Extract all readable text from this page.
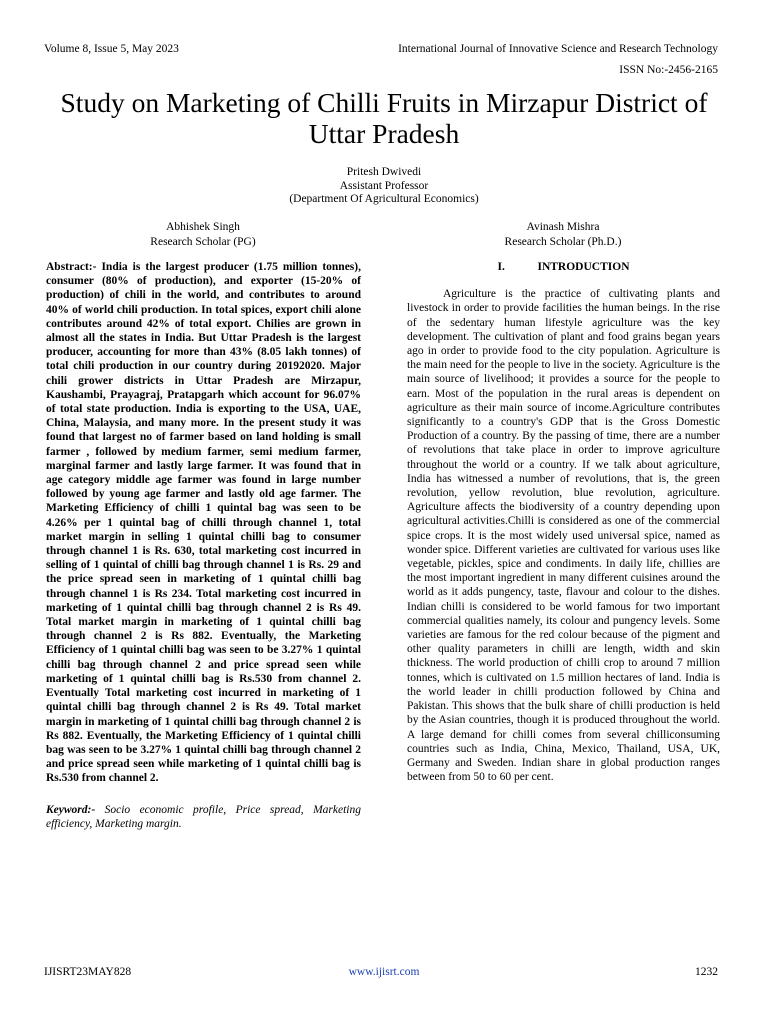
Volume 8, Issue 5, May 2023	International Journal of Innovative Science and Research Technology
ISSN No:-2456-2165
Study on Marketing of Chilli Fruits in Mirzapur District of Uttar Pradesh
Pritesh Dwivedi
Assistant Professor
(Department Of Agricultural Economics)
Abhishek Singh
Research Scholar (PG)
Avinash Mishra
Research Scholar (Ph.D.)

Abstract:- India is the largest producer (1.75 million tonnes), consumer (80% of production), and exporter (15-20% of production) of chili in the world, and contributes to around 40% of world chili production. In total spices, export chili alone contributes around 42% of total export. Chilies are grown in almost all the states in India. But Uttar Pradesh is the largest producer, accounting for more than 43% (8.05 lakh tonnes) of total chili production in our country during 20192020. Major chili grower districts in Uttar Pradesh are Mirzapur, Kaushambi, Prayagraj, Pratapgarh which account for 96.07% of total state production. India is exporting to the USA, UAE, China, Malaysia, and many more. In the present study it was found that largest no of farmer based on land holding is small farmer , followed by medium farmer, semi medium farmer, marginal farmer and lastly large farmer. It was found that in age category middle age farmer was found in large number followed by young age farmer and lastly old age farmer. The Marketing Efficiency of chilli 1 quintal bag was seen to be 4.26% per 1 quintal bag of chilli through channel 1, total market margin in selling 1 quintal chilli bag to consumer through channel 1 is Rs. 630, total marketing cost incurred in selling of 1 quintal of chilli bag through channel 1 is Rs. 29 and the price spread seen in marketing of 1 quintal chilli bag through channel 1 is Rs 234. Total marketing cost incurred in marketing of 1 quintal chilli bag through channel 2 is Rs 49. Total market margin in marketing of 1 quintal chilli bag through channel 2 is Rs 882. Eventually, the Marketing Efficiency of 1 quintal chilli bag was seen to be 3.27% 1 quintal chilli bag through channel 2 and price spread seen while marketing of 1 quintal chilli bag is Rs.530 from channel 2. Eventually Total marketing cost incurred in marketing of 1 quintal chilli bag through channel 2 is Rs 49. Total market margin in marketing of 1 quintal chilli bag through channel 2 is Rs 882. Eventually, the Marketing Efficiency of 1 quintal chilli bag was seen to be 3.27% 1 quintal chilli bag through channel 2 and price spread seen while marketing of 1 quintal chilli bag is Rs.530 from channel 2.

Keyword:- Socio economic profile, Price spread, Marketing efficiency, Marketing margin.

I.	INTRODUCTION

Agriculture is the practice of cultivating plants and livestock in order to provide facilities the human beings. In the rise of the sedentary human lifestyle agriculture was the key development. The cultivation of plant and food grains began years ago in order to provide food to the city population. Agriculture is the main need for the people to live in the society. Agriculture is the main source of livelihood; it provides a source for the people to earn. Most of the population in the rural areas is dependent on agriculture as their main source of income.Agriculture contributes significantly to a country's GDP that is the Gross Domestic Production of a country. By the passing of time, there are a number of revolutions that take place in order to improve agriculture throughout the world or a country. If we talk about agriculture, India has witnessed a number of revolutions, that is, the green revolution, yellow revolution, blue revolution, agriculture. Agriculture affects the biodiversity of a country depending upon agricultural activities.Chilli is considered as one of the commercial spice crops. It is the most widely used universal spice, named as wonder spice. Different varieties are cultivated for various uses like vegetable, pickles, spice and condiments. In daily life, chillies are the most important ingredient in many different cuisines around the world as it adds pungency, taste, flavour and colour to the dishes. Indian chilli is considered to be world famous for two important commercial qualities namely, its colour and pungency levels. Some varieties are famous for the red colour because of the pigment and other quality parameters in chilli are length, width and skin thickness. The world production of chilli crop to around 7 million tonnes, which is cultivated on 1.5 million hectares of land. India is the world leader in chilli production followed by China and Pakistan. This shows that the bulk share of chilli production is held by the Asian countries, though it is produced throughout the world. A large demand for chilli comes from several chilliconsuming countries such as India, China, Mexico, Thailand, USA, UK, Germany and Sweden. Indian share in global production ranges between from 50 to 60 per cent.

IJISRT23MAY828	www.ijisrt.com	1232
